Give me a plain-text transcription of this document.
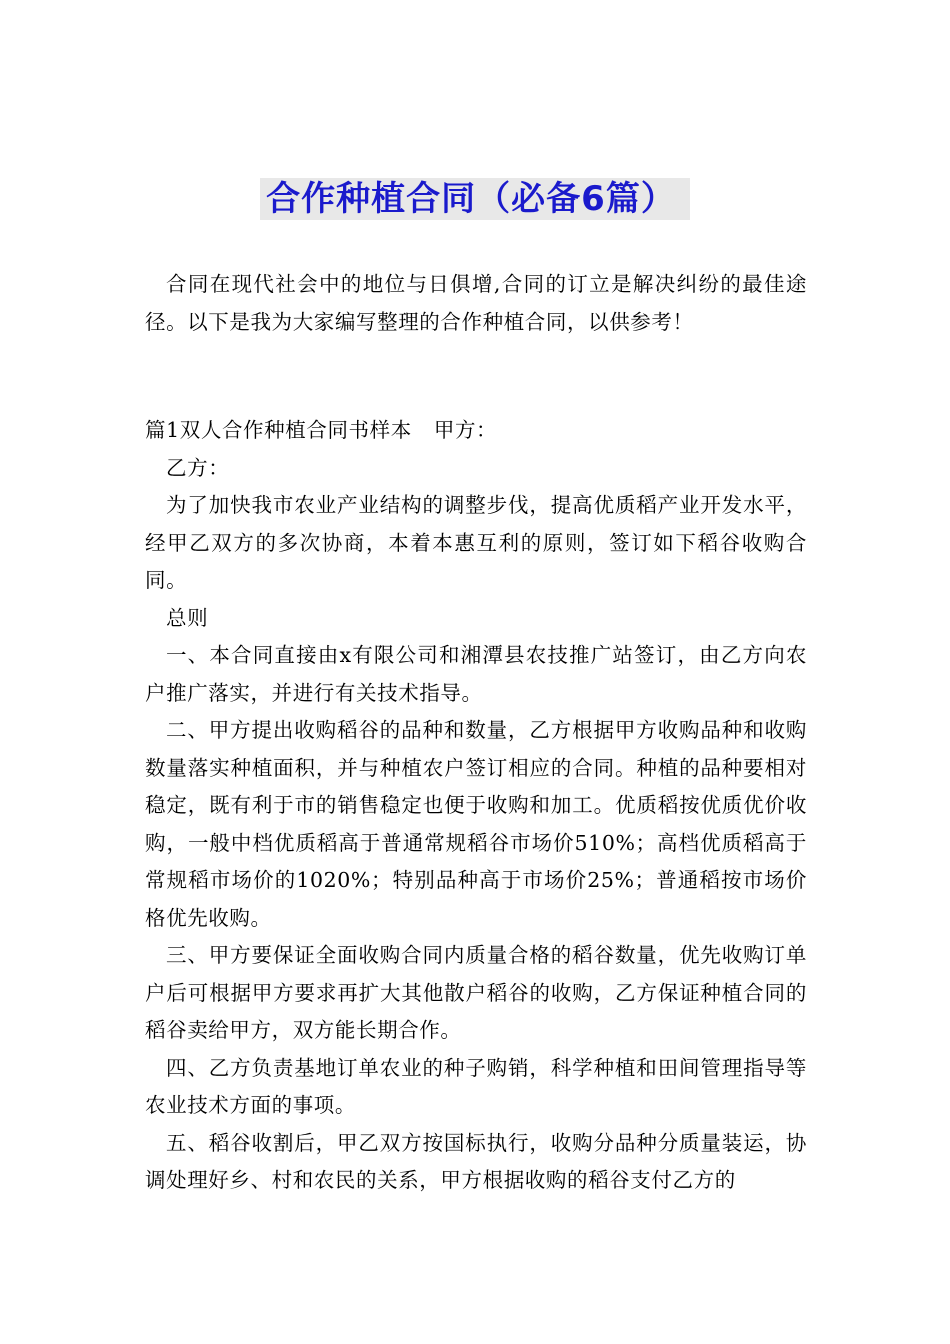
合作种植合同（必备6篇）

合同在现代社会中的地位与日俱增,合同的订立是解决纠纷的最佳途径。以下是我为大家编写整理的合作种植合同，以供参考！

篇1双人合作种植合同书样本 甲方：

乙方：

为了加快我市农业产业结构的调整步伐，提高优质稻产业开发水平，经甲乙双方的多次协商，本着本惠互利的原则，签订如下稻谷收购合同。

总则

一、本合同直接由x有限公司和湘潭县农技推广站签订，由乙方向农户推广落实，并进行有关技术指导。

二、甲方提出收购稻谷的品种和数量，乙方根据甲方收购品种和收购数量落实种植面积，并与种植农户签订相应的合同。种植的品种要相对稳定，既有利于市的销售稳定也便于收购和加工。优质稻按优质优价收购，一般中档优质稻高于普通常规稻谷市场价510%；高档优质稻高于常规稻市场价的1020%；特别品种高于市场价25%；普通稻按市场价格优先收购。

三、甲方要保证全面收购合同内质量合格的稻谷数量，优先收购订单户后可根据甲方要求再扩大其他散户稻谷的收购，乙方保证种植合同的稻谷卖给甲方，双方能长期合作。

四、乙方负责基地订单农业的种子购销，科学种植和田间管理指导等农业技术方面的事项。

五、稻谷收割后，甲乙双方按国标执行，收购分品种分质量装运，协调处理好乡、村和农民的关系，甲方根据收购的稻谷支付乙方的
